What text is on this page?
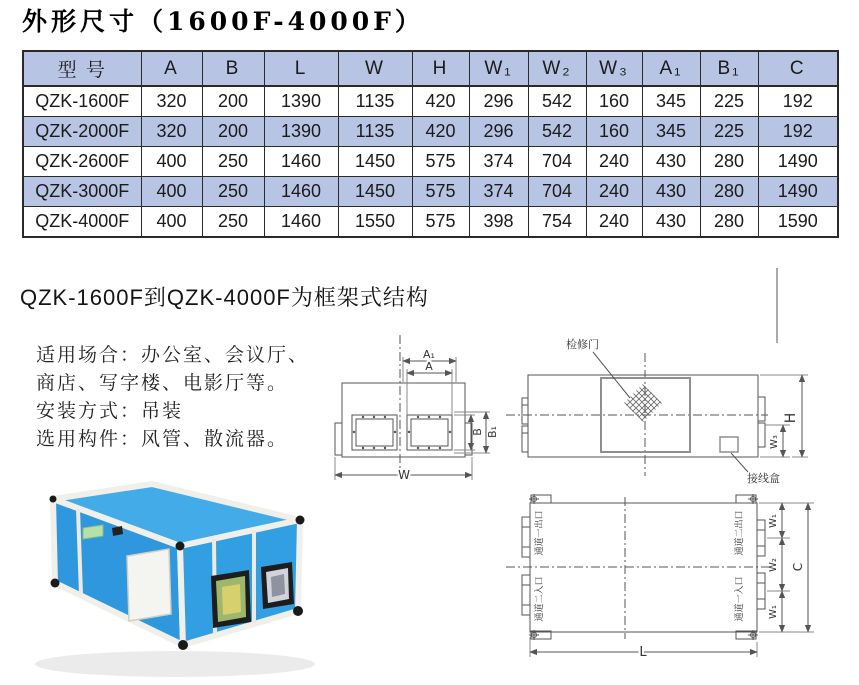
外形尺寸（1600F-4000F）
型 号	A	B	L	W	H	W₁	W₂	W₃	A₁	B₁	C
QZK-1600F	320	200	1390	1135	420	296	542	160	345	225	192
QZK-2000F	320	200	1390	1135	420	296	542	160	345	225	192
QZK-2600F	400	250	1460	1450	575	374	704	240	430	280	1490
QZK-3000F	400	250	1460	1450	575	374	704	240	430	280	1490
QZK-4000F	400	250	1460	1550	575	398	754	240	430	280	1590
QZK-1600F到QZK-4000F为框架式结构
适用场合：办公室、会议厅、
商店、写字楼、电影厅等。
安装方式：吊装
选用构件：风管、散流器。
A₁
A
B B₁
W
检修门
接线盒
W₃
H
通道一出口
通道二入口
通道二出口
通道一入口
W₁
W₂
W₁
C
L
